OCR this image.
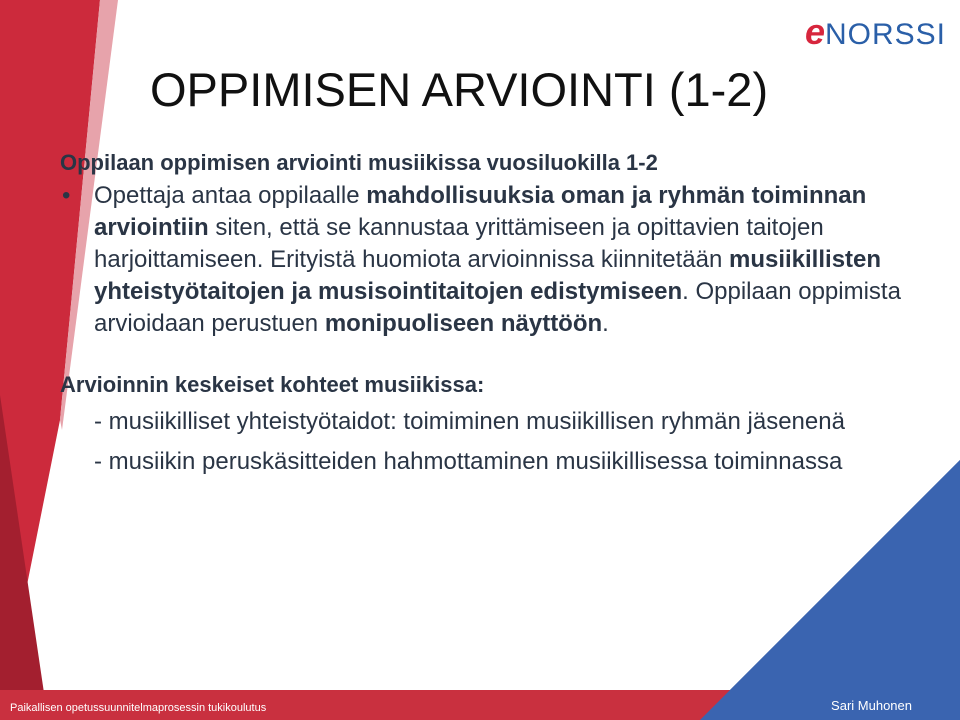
eNORSSI
OPPIMISEN ARVIOINTI (1-2)

Oppilaan oppimisen arviointi musiikissa vuosiluokilla 1-2

• Opettaja antaa oppilaalle mahdollisuuksia oman ja ryhmän toiminnan arviointiin siten, että se kannustaa yrittämiseen ja opittavien taitojen harjoittamiseen. Erityistä huomiota arvioinnissa kiinnitetään musiikillisten yhteistyötaitojen ja musisointitaitojen edistymiseen. Oppilaan oppimista arvioidaan perustuen monipuoliseen näyttöön.

Arvioinnin keskeiset kohteet musiikissa:

- musiikilliset yhteistyötaidot: toimiminen musiikillisen ryhmän jäsenenä

- musiikin peruskäsitteiden hahmottaminen musiikillisessa toiminnassa

Paikallisen opetussuunnitelmaprosessin tukikoulutus	Sari Muhonen
